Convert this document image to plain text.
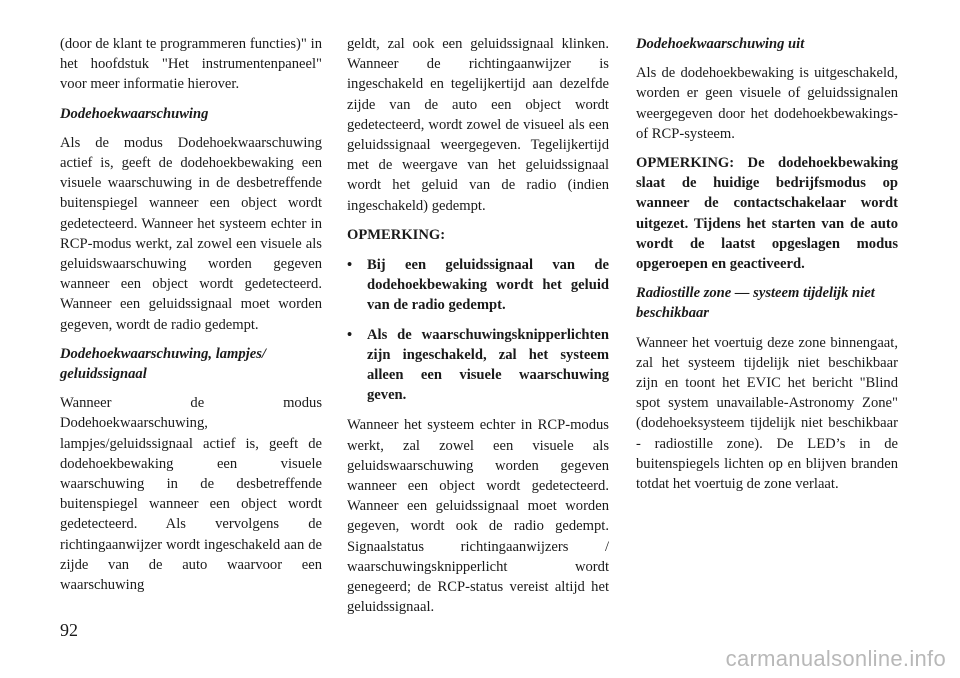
(door de klant te programmeren functies)" in het hoofdstuk "Het instrumentenpaneel" voor meer informatie hierover.

Dodehoekwaarschuwing

Als de modus Dodehoekwaarschuwing actief is, geeft de dodehoekbewaking een visuele waarschuwing in de desbetreffende buitenspiegel wanneer een object wordt gedetecteerd. Wanneer het systeem echter in RCP-modus werkt, zal zowel een visuele als geluidswaarschuwing worden gegeven wanneer een object wordt gedetecteerd. Wanneer een geluidssignaal moet worden gegeven, wordt de radio gedempt.

Dodehoekwaarschuwing, lampjes/ geluidssignaal

Wanneer de modus Dodehoekwaarschuwing, lampjes/geluidssignaal actief is, geeft de dodehoekbewaking een visuele waarschuwing in de desbetreffende buitenspiegel wanneer een object wordt gedetecteerd. Als vervolgens de richtingaanwijzer wordt ingeschakeld aan de zijde van de auto waarvoor een waarschuwing

geldt, zal ook een geluidssignaal klinken. Wanneer de richtingaanwijzer is ingeschakeld en tegelijkertijd aan dezelfde zijde van de auto een object wordt gedetecteerd, wordt zowel de visueel als een geluidssignaal weergegeven. Tegelijkertijd met de weergave van het geluidssignaal wordt het geluid van de radio (indien ingeschakeld) gedempt.

OPMERKING:

• Bij een geluidssignaal van de dodehoekbewaking wordt het geluid van de radio gedempt.
• Als de waarschuwingsknipperlichten zijn ingeschakeld, zal het systeem alleen een visuele waarschuwing geven.

Wanneer het systeem echter in RCP-modus werkt, zal zowel een visuele als geluidswaarschuwing worden gegeven wanneer een object wordt gedetecteerd. Wanneer een geluidssignaal moet worden gegeven, wordt ook de radio gedempt. Signaalstatus richtingaanwijzers / waarschuwingsknipperlicht wordt genegeerd; de RCP-status vereist altijd het geluidssignaal.

Dodehoekwaarschuwing uit

Als de dodehoekbewaking is uitgeschakeld, worden er geen visuele of geluidssignalen weergegeven door het dodehoekbewakings- of RCP-systeem.

OPMERKING: De dodehoekbewaking slaat de huidige bedrijfsmodus op wanneer de contactschakelaar wordt uitgezet. Tijdens het starten van de auto wordt de laatst opgeslagen modus opgeroepen en geactiveerd.

Radiostille zone — systeem tijdelijk niet beschikbaar

Wanneer het voertuig deze zone binnengaat, zal het systeem tijdelijk niet beschikbaar zijn en toont het EVIC het bericht "Blind spot system unavailable-Astronomy Zone" (dodehoeksysteem tijdelijk niet beschikbaar - radiostille zone). De LED’s in de buitenspiegels lichten op en blijven branden totdat het voertuig de zone verlaat.

92
carmanualsonline.info
